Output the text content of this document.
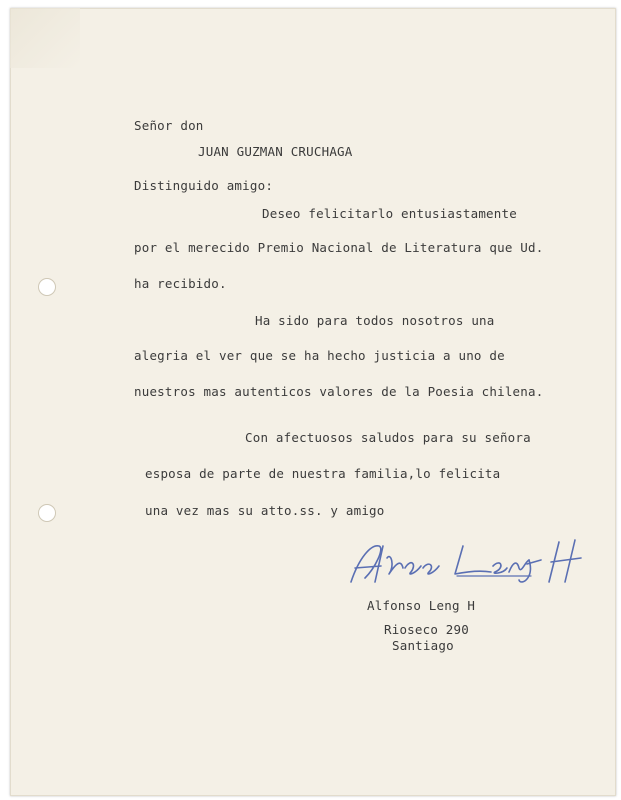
Señor don
JUAN GUZMAN CRUCHAGA
Distinguido amigo:
Deseo felicitarlo entusiastamente
por el merecido Premio Nacional de Literatura que Ud.
ha recibido.
Ha sido para todos nosotros una
alegria el ver que se ha hecho justicia a uno de
nuestros mas autenticos valores de la Poesia chilena.
Con afectuosos saludos para su señora
esposa de parte de nuestra familia,lo felicita
una vez mas su atto.ss. y amigo
Alfonso Leng H
Rioseco 290
Santiago
